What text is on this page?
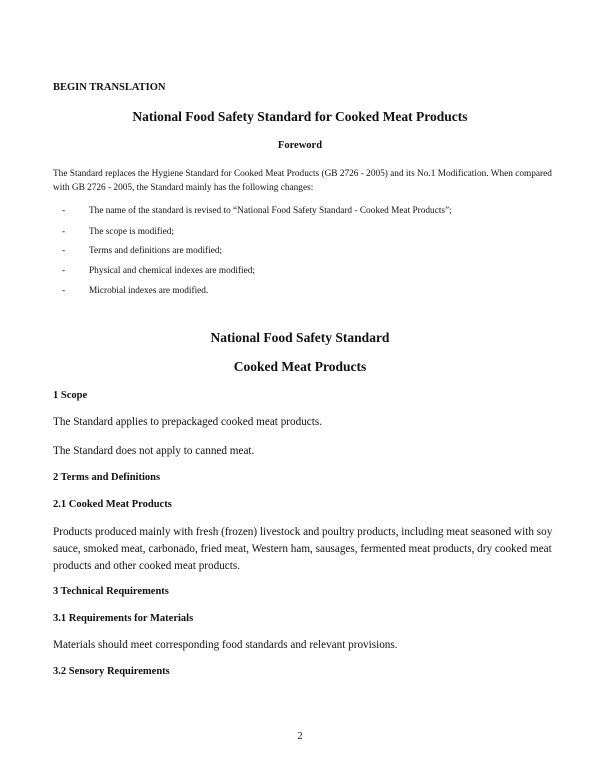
BEGIN TRANSLATION
National Food Safety Standard for Cooked Meat Products
Foreword
The Standard replaces the Hygiene Standard for Cooked Meat Products (GB 2726 - 2005) and its No.1 Modification. When compared with GB 2726 - 2005, the Standard mainly has the following changes:
-	The name of the standard is revised to “National Food Safety Standard - Cooked Meat Products”;
-	The scope is modified;
-	Terms and definitions are modified;
-	Physical and chemical indexes are modified;
-	Microbial indexes are modified.
National Food Safety Standard
Cooked Meat Products
1 Scope
The Standard applies to prepackaged cooked meat products.
The Standard does not apply to canned meat.
2 Terms and Definitions
2.1 Cooked Meat Products
Products produced mainly with fresh (frozen) livestock and poultry products, including meat seasoned with soy sauce, smoked meat, carbonado, fried meat, Western ham, sausages, fermented meat products, dry cooked meat products and other cooked meat products.
3 Technical Requirements
3.1 Requirements for Materials
Materials should meet corresponding food standards and relevant provisions.
3.2 Sensory Requirements
2
